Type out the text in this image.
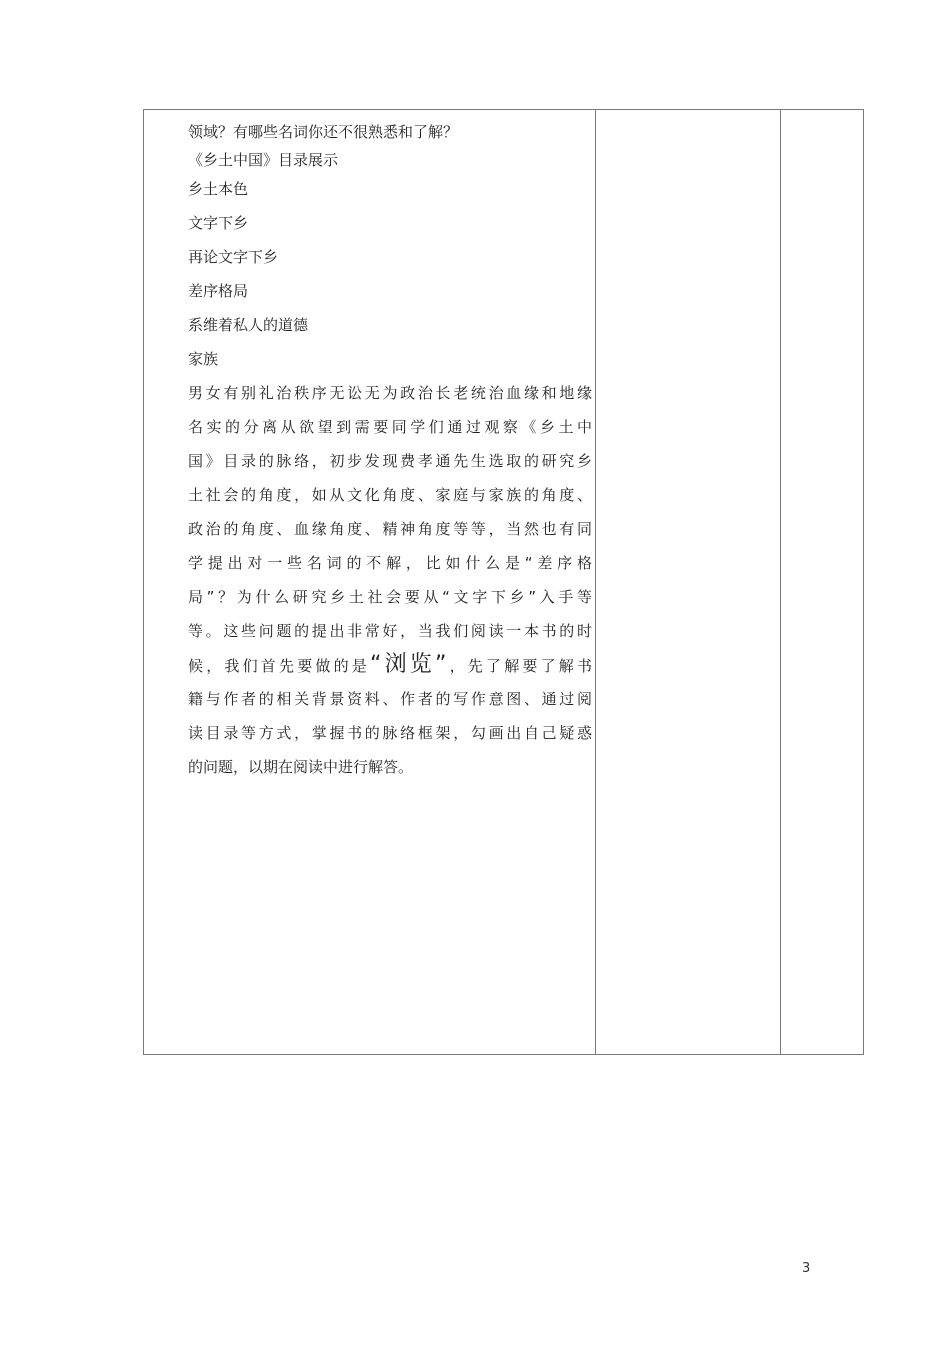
领域？有哪些名词你还不很熟悉和了解？
《乡土中国》目录展示
乡土本色
文字下乡
再论文字下乡
差序格局
系维着私人的道德
家族
男女有别礼治秩序无讼无为政治长老统治血缘和地缘
名实的分离从欲望到需要同学们通过观察《乡土中
国》目录的脉络，初步发现费孝通先生选取的研究乡
土社会的角度，如从文化角度、家庭与家族的角度、
政治的角度、血缘角度、精神角度等等，当然也有同
学提出对一些名词的不解，比如什么是“差序格
局”？为什么研究乡土社会要从“文字下乡”入手等
等。这些问题的提出非常好，当我们阅读一本书的时
候，我们首先要做的是“浏览”，先了解要了解书
籍与作者的相关背景资料、作者的写作意图、通过阅
读目录等方式，掌握书的脉络框架，勾画出自己疑惑
的问题，以期在阅读中进行解答。
3
